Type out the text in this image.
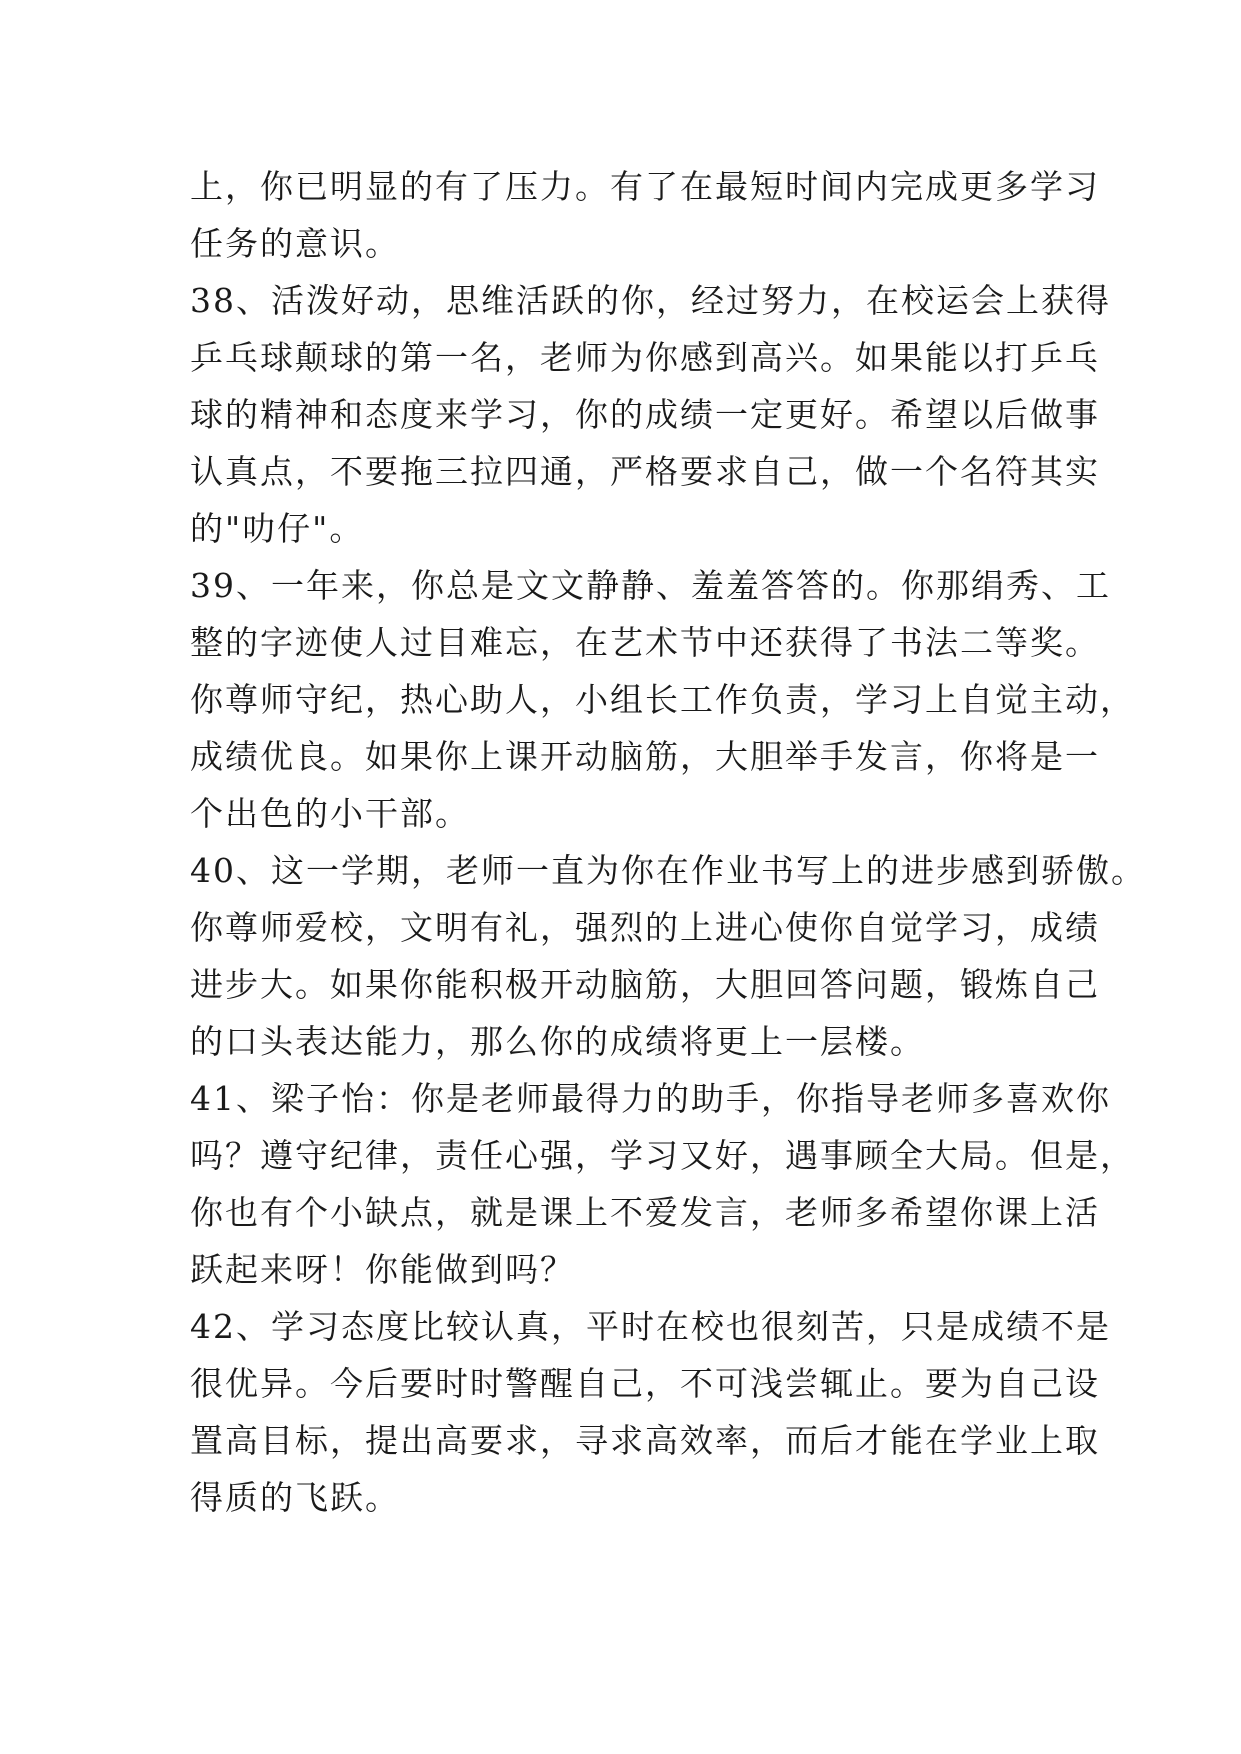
上，你已明显的有了压力。有了在最短时间内完成更多学习
任务的意识。
38、活泼好动，思维活跃的你，经过努力，在校运会上获得
乒乓球颠球的第一名，老师为你感到高兴。如果能以打乒乓
球的精神和态度来学习，你的成绩一定更好。希望以后做事
认真点，不要拖三拉四通，严格要求自己，做一个名符其实
的"叻仔"。
39、一年来，你总是文文静静、羞羞答答的。你那绢秀、工
整的字迹使人过目难忘，在艺术节中还获得了书法二等奖。
你尊师守纪，热心助人，小组长工作负责，学习上自觉主动，
成绩优良。如果你上课开动脑筋，大胆举手发言，你将是一
个出色的小干部。
40、这一学期，老师一直为你在作业书写上的进步感到骄傲。
你尊师爱校，文明有礼，强烈的上进心使你自觉学习，成绩
进步大。如果你能积极开动脑筋，大胆回答问题，锻炼自己
的口头表达能力，那么你的成绩将更上一层楼。
41、梁子怡：你是老师最得力的助手，你指导老师多喜欢你
吗？遵守纪律，责任心强，学习又好，遇事顾全大局。但是，
你也有个小缺点，就是课上不爱发言，老师多希望你课上活
跃起来呀！你能做到吗？
42、学习态度比较认真，平时在校也很刻苦，只是成绩不是
很优异。今后要时时警醒自己，不可浅尝辄止。要为自己设
置高目标，提出高要求，寻求高效率，而后才能在学业上取
得质的飞跃。
